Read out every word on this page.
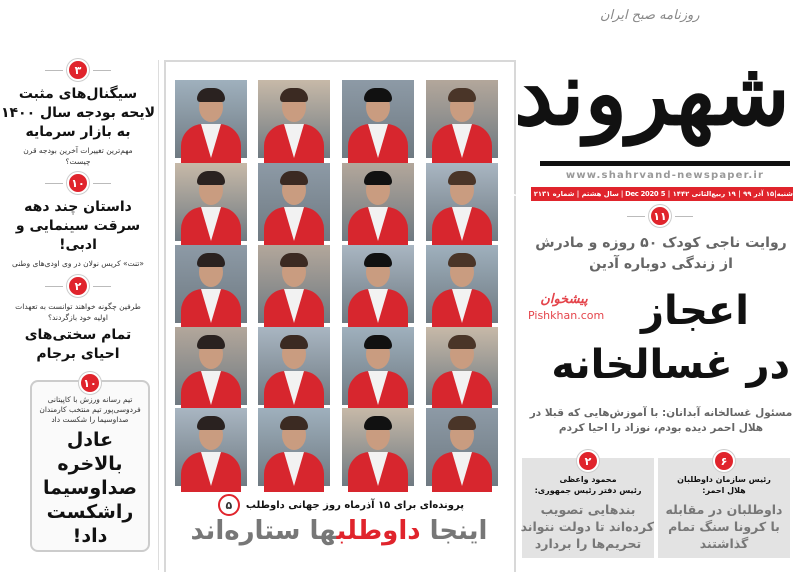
۳
سیگنال‌های مثبت
لایحه بودجه سال ۱۴۰۰
به بازار سرمایه
مهم‌ترین تغییرات آخرین بودجه قرن
چیست؟
۱۰
داستان چند دهه
سرقت سینمایی و
ادبی!
«تنت» کریس نولان در وی اودی‌های وطنی
۲
طرفین چگونه خواهند توانست به تعهدات
اولیه خود بازگردند؟
تمام سختی‌های
احیای برجام
۱۰
تیم رسانه ورزش با کاپیتانی
فردوسی‌پور تیم منتخب کارمندان
صداوسیما را شکست داد
عادل
بالاخره
صداوسیما
راشکست
داد!
پرونده‌ای برای ۱۵ آذرماه روز جهانی داوطلب
۵
اینجا داوطلبها ستاره‌اند
روزنامه صبح ایران
شهروند
www.shahrvand-newspaper.ir
شنبه|۱۵ آذر ۹۹ | ۱۹ ربیع‌الثانی ۱۴۴۲ | 5 Dec 2020 | سال هشتم | شماره ۲۱۳۱ | ۸ صفحه
۱۱
روایت ناجی کودک ۵۰ روزه و مادرش
از زندگی دوباره آدین
اعجاز
در غسالخانه
پیشخوان
Pishkhan.com
مسئول غسالخانه آبدانان: با آموزش‌هایی که قبلا در
هلال احمر دیده بودم، نوزاد را احیا کردم
۶
رئیس سازمان داوطلبان
هلال احمر:
داوطلبان در مقابله
با کرونا سنگ تمام
گذاشتند
۲
محمود واعظی
رئیس دفتر رئیس جمهوری:
بندهایی تصویب
کرده‌اند تا دولت نتواند
تحریم‌ها را بردارد
